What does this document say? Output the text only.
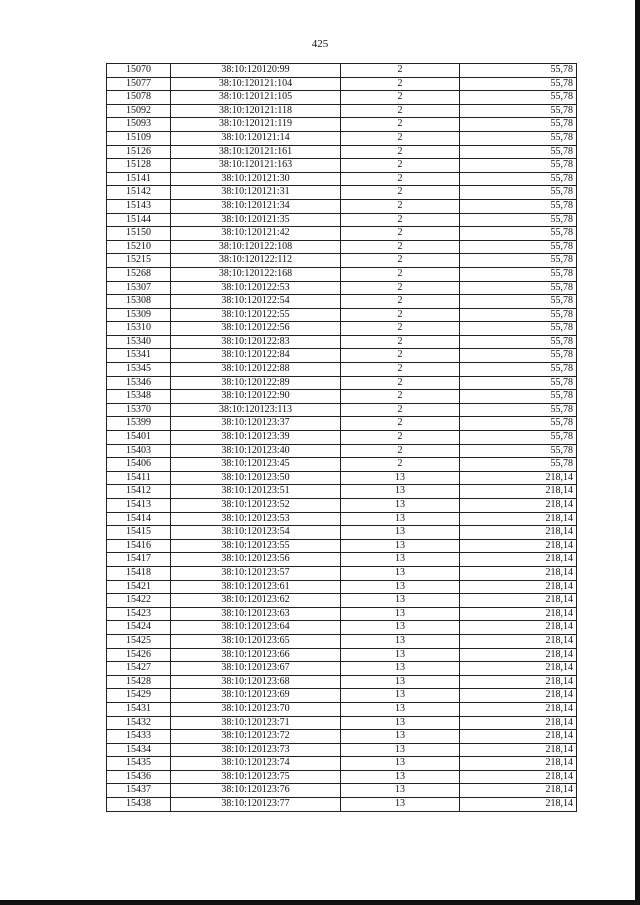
425
15070	38:10:120120:99	2	55,78
15077	38:10:120121:104	2	55,78
15078	38:10:120121:105	2	55,78
15092	38:10:120121:118	2	55,78
15093	38:10:120121:119	2	55,78
15109	38:10:120121:14	2	55,78
15126	38:10:120121:161	2	55,78
15128	38:10:120121:163	2	55,78
15141	38:10:120121:30	2	55,78
15142	38:10:120121:31	2	55,78
15143	38:10:120121:34	2	55,78
15144	38:10:120121:35	2	55,78
15150	38:10:120121:42	2	55,78
15210	38:10:120122:108	2	55,78
15215	38:10:120122:112	2	55,78
15268	38:10:120122:168	2	55,78
15307	38:10:120122:53	2	55,78
15308	38:10:120122:54	2	55,78
15309	38:10:120122:55	2	55,78
15310	38:10:120122:56	2	55,78
15340	38:10:120122:83	2	55,78
15341	38:10:120122:84	2	55,78
15345	38:10:120122:88	2	55,78
15346	38:10:120122:89	2	55,78
15348	38:10:120122:90	2	55,78
15370	38:10:120123:113	2	55,78
15399	38:10:120123:37	2	55,78
15401	38:10:120123:39	2	55,78
15403	38:10:120123:40	2	55,78
15406	38:10:120123:45	2	55,78
15411	38:10:120123:50	13	218,14
15412	38:10:120123:51	13	218,14
15413	38:10:120123:52	13	218,14
15414	38:10:120123:53	13	218,14
15415	38:10:120123:54	13	218,14
15416	38:10:120123:55	13	218,14
15417	38:10:120123:56	13	218,14
15418	38:10:120123:57	13	218,14
15421	38:10:120123:61	13	218,14
15422	38:10:120123:62	13	218,14
15423	38:10:120123:63	13	218,14
15424	38:10:120123:64	13	218,14
15425	38:10:120123:65	13	218,14
15426	38:10:120123:66	13	218,14
15427	38:10:120123:67	13	218,14
15428	38:10:120123:68	13	218,14
15429	38:10:120123:69	13	218,14
15431	38:10:120123:70	13	218,14
15432	38:10:120123:71	13	218,14
15433	38:10:120123:72	13	218,14
15434	38:10:120123:73	13	218,14
15435	38:10:120123:74	13	218,14
15436	38:10:120123:75	13	218,14
15437	38:10:120123:76	13	218,14
15438	38:10:120123:77	13	218,14
